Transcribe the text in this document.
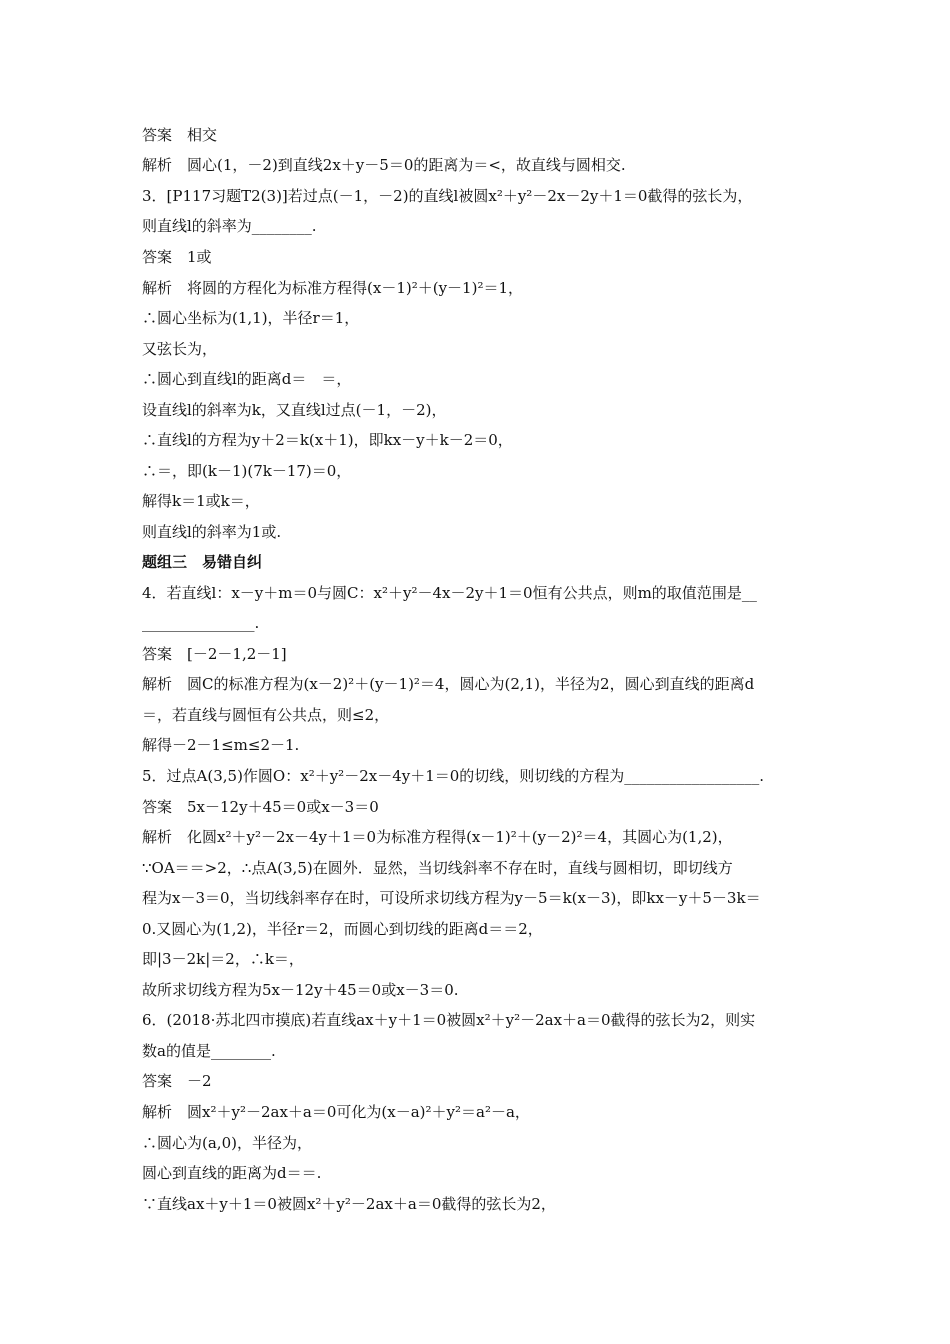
答案　相交
解析　圆心(1，－2)到直线2x＋y－5＝0的距离为＝<，故直线与圆相交.
3．[P117习题T2(3)]若过点(－1，－2)的直线l被圆x²＋y²－2x－2y＋1＝0截得的弦长为，
则直线l的斜率为________.
答案　1或
解析　将圆的方程化为标准方程得(x－1)²＋(y－1)²＝1，
∴圆心坐标为(1,1)，半径r＝1，
又弦长为，
∴圆心到直线l的距离d＝　＝，
设直线l的斜率为k，又直线l过点(－1，－2)，
∴直线l的方程为y＋2＝k(x＋1)，即kx－y＋k－2＝0，
∴＝，即(k－1)(7k－17)＝0，
解得k＝1或k＝，
则直线l的斜率为1或.
题组三　易错自纠
4．若直线l：x－y＋m＝0与圆C：x²＋y²－4x－2y＋1＝0恒有公共点，则m的取值范围是__
_______________.
答案　[－2－1,2－1]
解析　圆C的标准方程为(x－2)²＋(y－1)²＝4，圆心为(2,1)，半径为2，圆心到直线的距离d
＝，若直线与圆恒有公共点，则≤2，
解得－2－1≤m≤2－1.
5．过点A(3,5)作圆O：x²＋y²－2x－4y＋1＝0的切线，则切线的方程为__________________.
答案　5x－12y＋45＝0或x－3＝0
解析　化圆x²＋y²－2x－4y＋1＝0为标准方程得(x－1)²＋(y－2)²＝4，其圆心为(1,2)，
∵OA＝＝>2，∴点A(3,5)在圆外．显然，当切线斜率不存在时，直线与圆相切，即切线方
程为x－3＝0，当切线斜率存在时，可设所求切线方程为y－5＝k(x－3)，即kx－y＋5－3k＝
0.又圆心为(1,2)，半径r＝2，而圆心到切线的距离d＝＝2，
即|3－2k|＝2，∴k＝，
故所求切线方程为5x－12y＋45＝0或x－3＝0.
6．(2018·苏北四市摸底)若直线ax＋y＋1＝0被圆x²＋y²－2ax＋a＝0截得的弦长为2，则实
数a的值是________.
答案　－2
解析　圆x²＋y²－2ax＋a＝0可化为(x－a)²＋y²＝a²－a，
∴圆心为(a,0)，半径为，
圆心到直线的距离为d＝＝.
∵直线ax＋y＋1＝0被圆x²＋y²－2ax＋a＝0截得的弦长为2，
